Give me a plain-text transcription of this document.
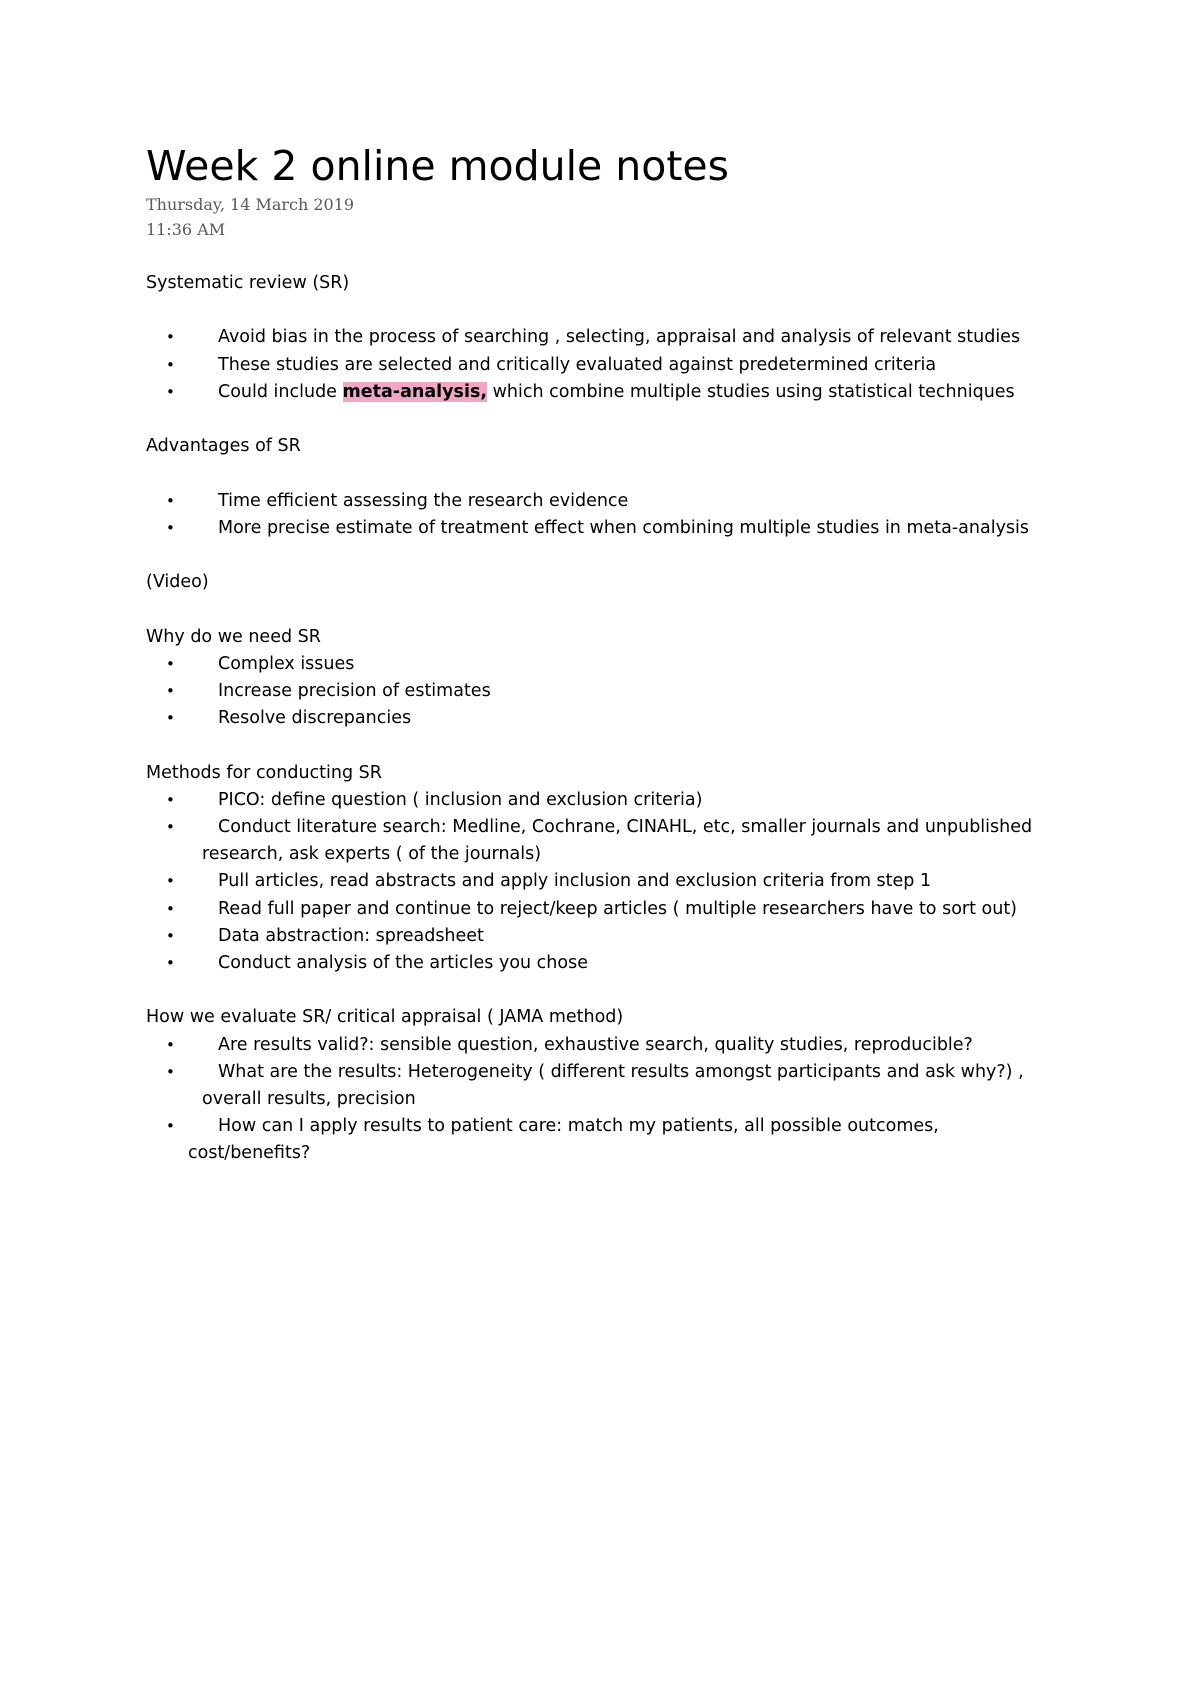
Week 2 online module notes
Thursday, 14 March 2019
11:36 AM

Systematic review (SR)

• Avoid bias in the process of searching , selecting, appraisal and analysis of relevant studies
• These studies are selected and critically evaluated against predetermined criteria
• Could include meta-analysis, which combine multiple studies using statistical techniques

Advantages of SR

• Time efficient assessing the research evidence
• More precise estimate of treatment effect when combining multiple studies in meta-analysis

(Video)

Why do we need SR

• Complex issues
• Increase precision of estimates
• Resolve discrepancies

Methods for conducting SR

• PICO: define question ( inclusion and exclusion criteria)
• Conduct literature search: Medline, Cochrane, CINAHL, etc, smaller journals and unpublished
research, ask experts ( of the journals)
• Pull articles, read abstracts and apply inclusion and exclusion criteria from step 1
• Read full paper and continue to reject/keep articles ( multiple researchers have to sort out)
• Data abstraction: spreadsheet
• Conduct analysis of the articles you chose

How we evaluate SR/ critical appraisal ( JAMA method)

• Are results valid?: sensible question, exhaustive search, quality studies, reproducible?
• What are the results: Heterogeneity ( different results amongst participants and ask why?) ,
overall results, precision
• How can I apply results to patient care: match my patients, all possible outcomes,
cost/benefits?
